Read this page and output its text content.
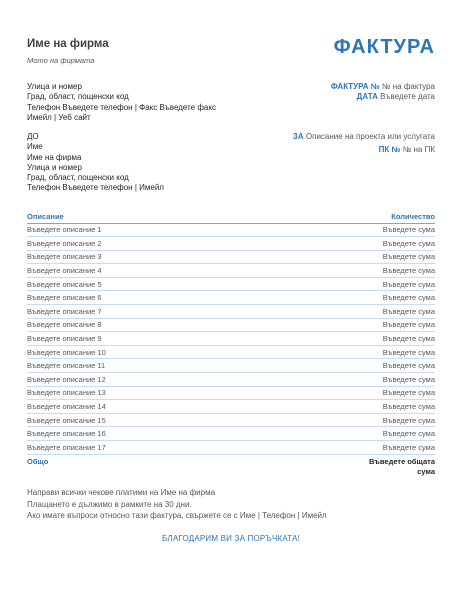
Име на фирма
Мото на фирмата
ФАКТУРА
Улица и номер
Град, област, пощенски код
Телефон Въведете телефон | Факс Въведете факс
Имейл | Уеб сайт
ФАКТУРА № № на фактура
ДАТА Въведете дата
ДО
Име
Име на фирма
Улица и номер
Град, област, пощенски код
Телефон Въведете телефон | Имейл
ЗА Описание на проекта или услугата
ПК № № на ПК
Описание	Количество
Въведете описание 1	Въведете сума
Въведете описание 2	Въведете сума
Въведете описание 3	Въведете сума
Въведете описание 4	Въведете сума
Въведете описание 5	Въведете сума
Въведете описание 6	Въведете сума
Въведете описание 7	Въведете сума
Въведете описание 8	Въведете сума
Въведете описание 9	Въведете сума
Въведете описание 10	Въведете сума
Въведете описание 11	Въведете сума
Въведете описание 12	Въведете сума
Въведете описание 13	Въведете сума
Въведете описание 14	Въведете сума
Въведете описание 15	Въведете сума
Въведете описание 16	Въведете сума
Въведете описание 17	Въведете сума
Общо	Въведете общата сума
Направи всички чекове платими на Име на фирма
Плащането е дължимо в рамките на 30 дни.
Ако имате въпроси относно тази фактура, свържете се с Име | Телефон | Имейл
БЛАГОДАРИМ ВИ ЗА ПОРЪЧКАТА!
